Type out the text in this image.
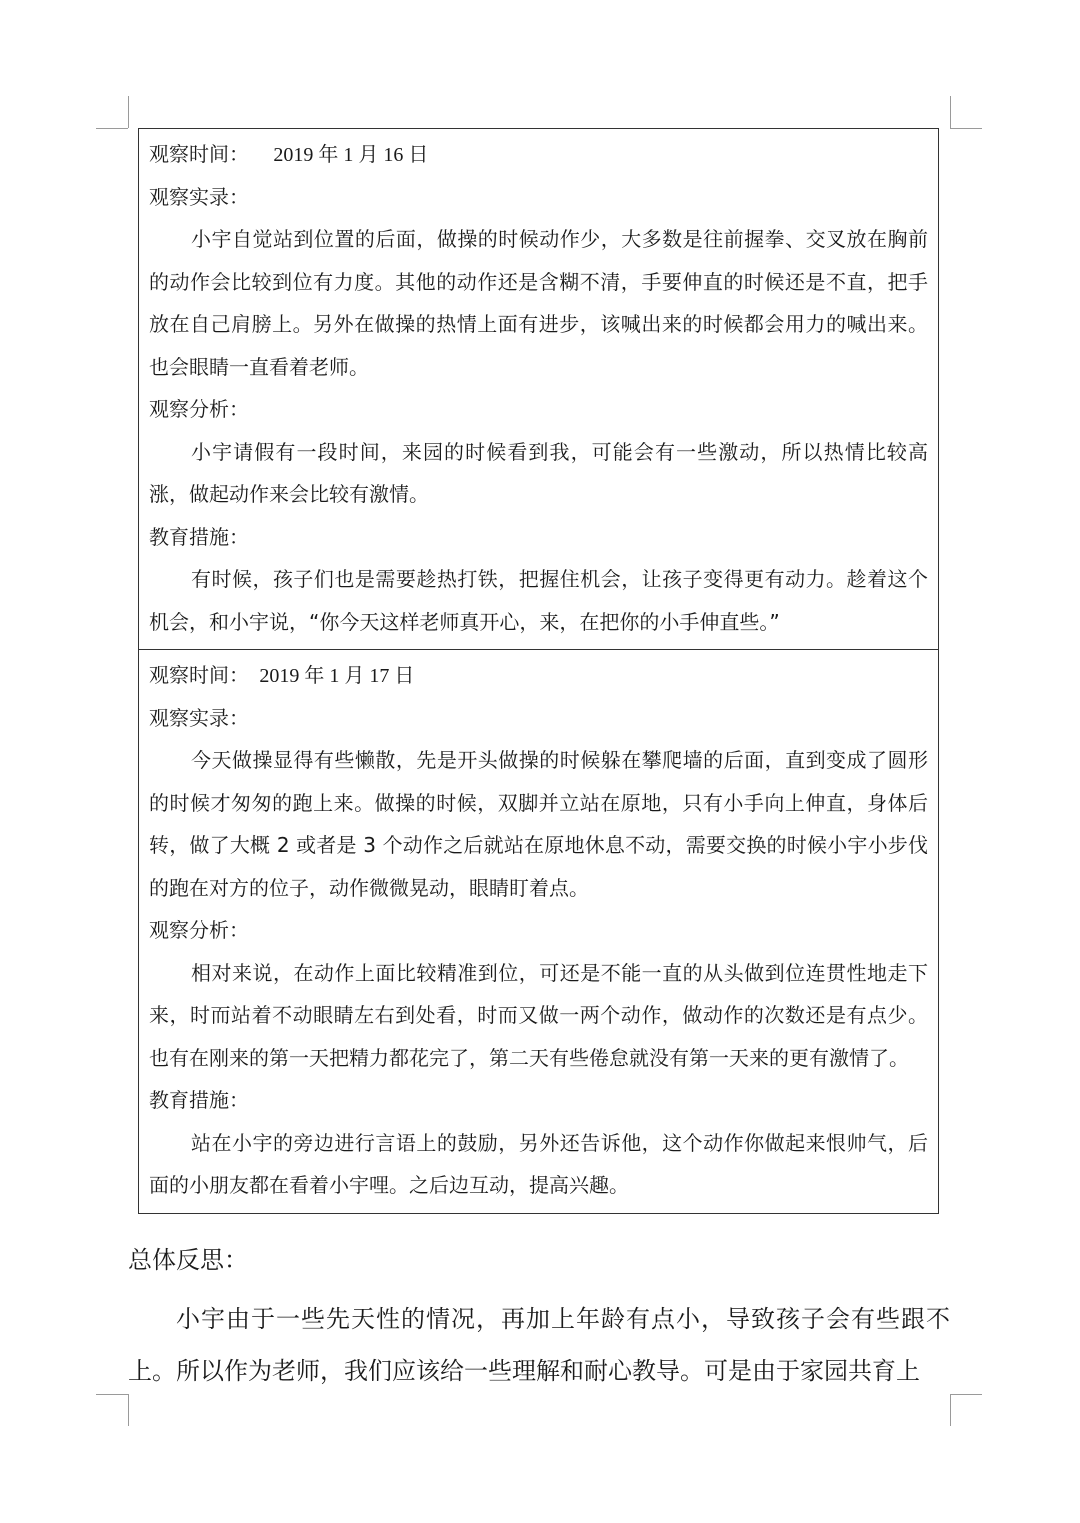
观察时间： 2019 年 1 月 16 日
观察实录：
小宇自觉站到位置的后面，做操的时候动作少，大多数是往前握拳、交叉放在胸前的动作会比较到位有力度。其他的动作还是含糊不清，手要伸直的时候还是不直，把手放在自己肩膀上。另外在做操的热情上面有进步，该喊出来的时候都会用力的喊出来。也会眼睛一直看着老师。
观察分析：
小宇请假有一段时间，来园的时候看到我，可能会有一些激动，所以热情比较高涨，做起动作来会比较有激情。
教育措施：
有时候，孩子们也是需要趁热打铁，把握住机会，让孩子变得更有动力。趁着这个机会，和小宇说，“你今天这样老师真开心，来，在把你的小手伸直些。”
观察时间： 2019 年 1 月 17 日
观察实录：
今天做操显得有些懒散，先是开头做操的时候躲在攀爬墙的后面，直到变成了圆形的时候才匆匆的跑上来。做操的时候，双脚并立站在原地，只有小手向上伸直，身体后转，做了大概 2 或者是 3 个动作之后就站在原地休息不动，需要交换的时候小宇小步伐的跑在对方的位子，动作微微晃动，眼睛盯着点。
观察分析：
相对来说，在动作上面比较精准到位，可还是不能一直的从头做到位连贯性地走下来，时而站着不动眼睛左右到处看，时而又做一两个动作，做动作的次数还是有点少。也有在刚来的第一天把精力都花完了，第二天有些倦怠就没有第一天来的更有激情了。
教育措施：
站在小宇的旁边进行言语上的鼓励，另外还告诉他，这个动作你做起来恨帅气，后面的小朋友都在看着小宇哩。之后边互动，提高兴趣。
总体反思：
小宇由于一些先天性的情况，再加上年龄有点小，导致孩子会有些跟不上。所以作为老师，我们应该给一些理解和耐心教导。可是由于家园共育上
